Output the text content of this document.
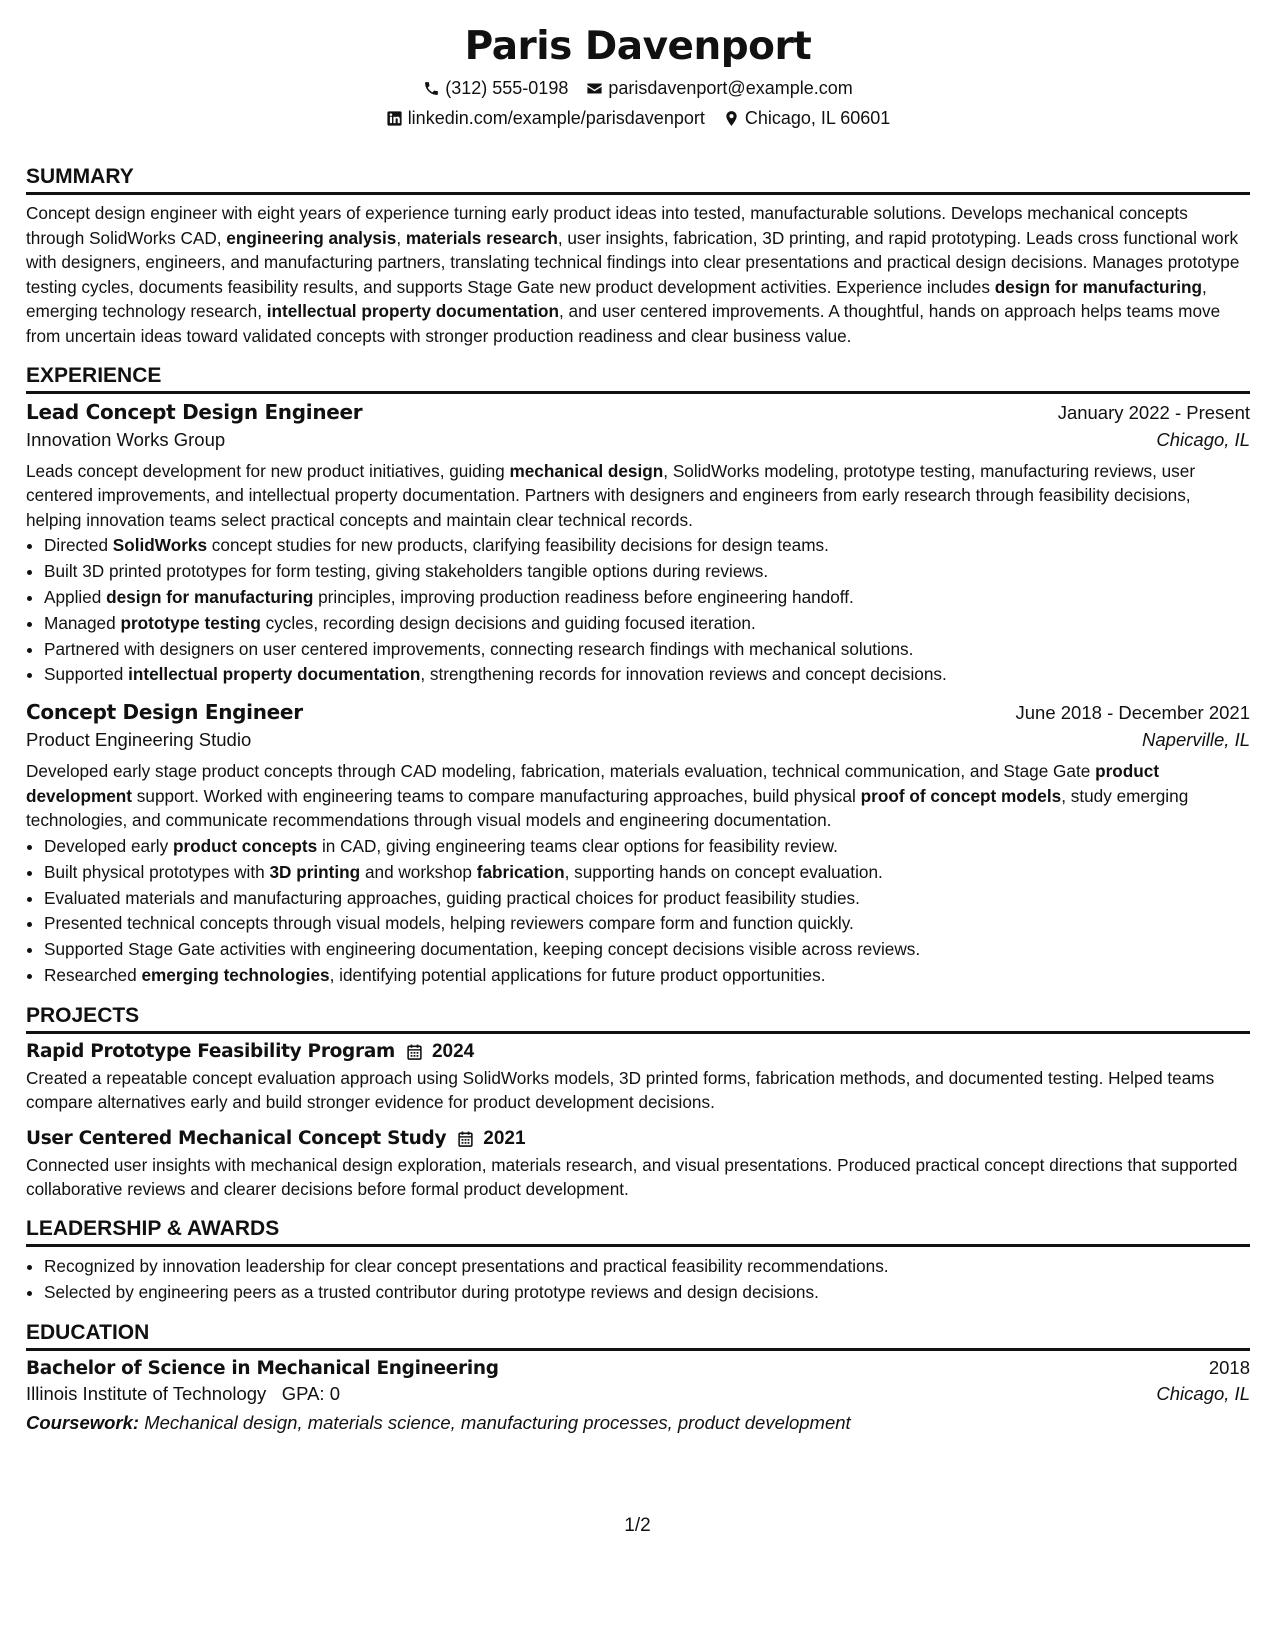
Paris Davenport
(312) 555-0198 parisdavenport@example.com
linkedin.com/example/parisdavenport Chicago, IL 60601
SUMMARY

Concept design engineer with eight years of experience turning early product ideas into tested, manufacturable solutions. Develops mechanical concepts through SolidWorks CAD, engineering analysis, materials research, user insights, fabrication, 3D printing, and rapid prototyping. Leads cross functional work with designers, engineers, and manufacturing partners, translating technical findings into clear presentations and practical design decisions. Manages prototype testing cycles, documents feasibility results, and supports Stage Gate new product development activities. Experience includes design for manufacturing, emerging technology research, intellectual property documentation, and user centered improvements. A thoughtful, hands on approach helps teams move from uncertain ideas toward validated concepts with stronger production readiness and clear business value.

EXPERIENCE
Lead Concept Design Engineer	January 2022 - Present
Innovation Works Group	Chicago, IL

Leads concept development for new product initiatives, guiding mechanical design, SolidWorks modeling, prototype testing, manufacturing reviews, user centered improvements, and intellectual property documentation. Partners with designers and engineers from early research through feasibility decisions, helping innovation teams select practical concepts and maintain clear technical records.

• Directed SolidWorks concept studies for new products, clarifying feasibility decisions for design teams.
• Built 3D printed prototypes for form testing, giving stakeholders tangible options during reviews.
• Applied design for manufacturing principles, improving production readiness before engineering handoff.
• Managed prototype testing cycles, recording design decisions and guiding focused iteration.
• Partnered with designers on user centered improvements, connecting research findings with mechanical solutions.
• Supported intellectual property documentation, strengthening records for innovation reviews and concept decisions.
Concept Design Engineer	June 2018 - December 2021
Product Engineering Studio	Naperville, IL

Developed early stage product concepts through CAD modeling, fabrication, materials evaluation, technical communication, and Stage Gate product development support. Worked with engineering teams to compare manufacturing approaches, build physical proof of concept models, study emerging technologies, and communicate recommendations through visual models and engineering documentation.

• Developed early product concepts in CAD, giving engineering teams clear options for feasibility review.
• Built physical prototypes with 3D printing and workshop fabrication, supporting hands on concept evaluation.
• Evaluated materials and manufacturing approaches, guiding practical choices for product feasibility studies.
• Presented technical concepts through visual models, helping reviewers compare form and function quickly.
• Supported Stage Gate activities with engineering documentation, keeping concept decisions visible across reviews.
• Researched emerging technologies, identifying potential applications for future product opportunities.
PROJECTS
Rapid Prototype Feasibility Program 2024

Created a repeatable concept evaluation approach using SolidWorks models, 3D printed forms, fabrication methods, and documented testing. Helped teams compare alternatives early and build stronger evidence for product development decisions.

User Centered Mechanical Concept Study 2021

Connected user insights with mechanical design exploration, materials research, and visual presentations. Produced practical concept directions that supported collaborative reviews and clearer decisions before formal product development.

LEADERSHIP & AWARDS
• Recognized by innovation leadership for clear concept presentations and practical feasibility recommendations.
• Selected by engineering peers as a trusted contributor during prototype reviews and design decisions.
EDUCATION
Bachelor of Science in Mechanical Engineering	2018
Illinois Institute of Technology GPA: 0	Chicago, IL
Coursework: Mechanical design, materials science, manufacturing processes, product development
1/2
